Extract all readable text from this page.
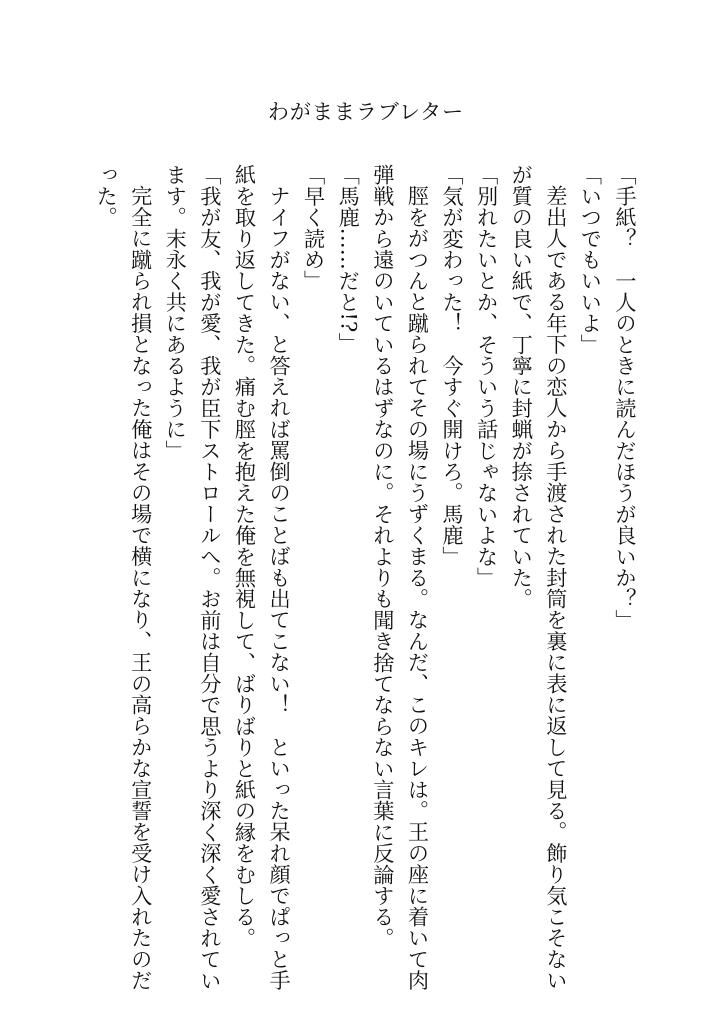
わがままラブレター

「手紙？　一人のときに読んだほうが良いか？」

「いつでもいいよ」

差出人である年下の恋人から手渡された封筒を裏に表に返して見る。飾り気こそないが質の良い紙で、丁寧に封蝋が捺されていた。

「別れたいとか、そういう話じゃないよな」

「気が変わった！　今すぐ開けろ。馬鹿」

脛をがつんと蹴られてその場にうずくまる。なんだ、このキレは。王の座に着いて肉弾戦から遠のいているはずなのに。それよりも聞き捨てならない言葉に反論する。

「馬鹿……だと!?」

「早く読め」

ナイフがない、と答えれば罵倒のことばも出てこない！　といった呆れ顔でぱっと手紙を取り返してきた。痛む脛を抱えた俺を無視して、ばりばりと紙の縁をむしる。

「我が友、我が愛、我が臣下ストロールへ。お前は自分で思うより深く深く愛されています。末永く共にあるように」

完全に蹴られ損となった俺はその場で横になり、王の高らかな宣誓を受け入れたのだった。
